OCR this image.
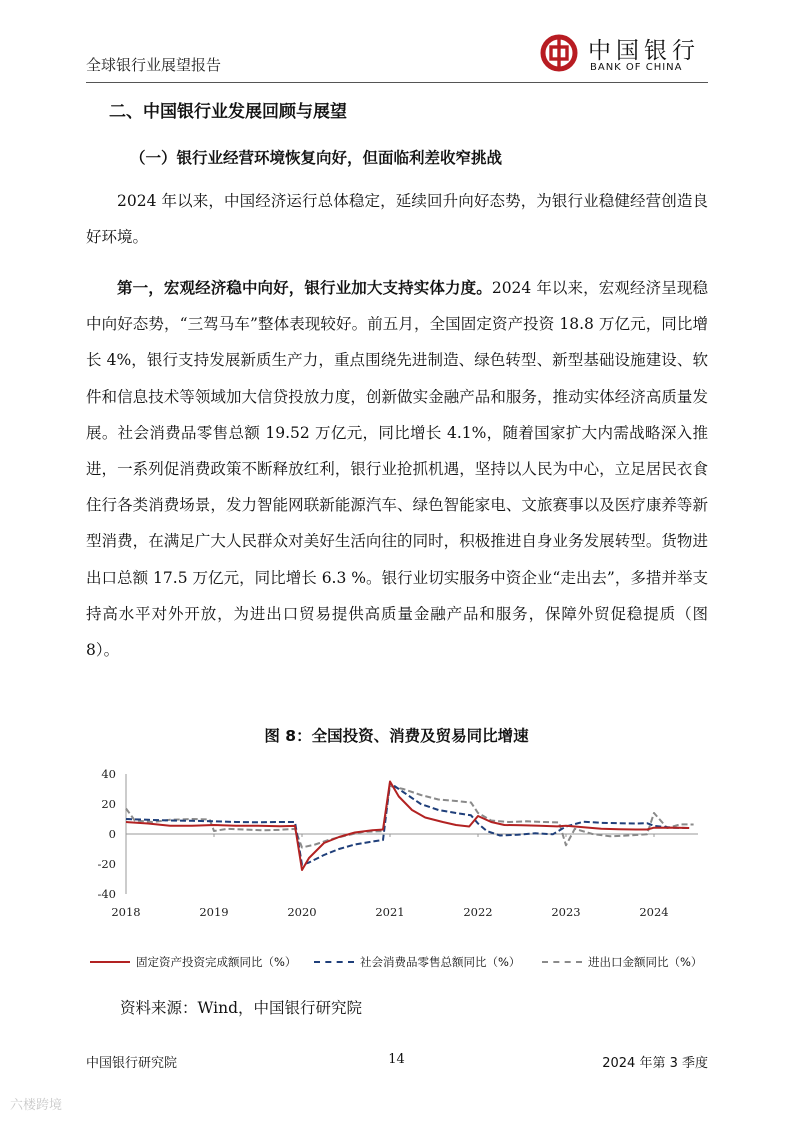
全球银行业展望报告
中国银行
BANK OF CHINA
二、中国银行业发展回顾与展望
（一）银行业经营环境恢复向好，但面临利差收窄挑战

2024 年以来，中国经济运行总体稳定，延续回升向好态势，为银行业稳健经营创造良好环境。

第一，宏观经济稳中向好，银行业加大支持实体力度。2024 年以来，宏观经济呈现稳中向好态势，“三驾马车”整体表现较好。前五月，全国固定资产投资 18.8 万亿元，同比增长 4%，银行支持发展新质生产力，重点围绕先进制造、绿色转型、新型基础设施建设、软件和信息技术等领域加大信贷投放力度，创新做实金融产品和服务，推动实体经济高质量发展。社会消费品零售总额 19.52 万亿元，同比增长 4.1%，随着国家扩大内需战略深入推进，一系列促消费政策不断释放红利，银行业抢抓机遇，坚持以人民为中心，立足居民衣食住行各类消费场景，发力智能网联新能源汽车、绿色智能家电、文旅赛事以及医疗康养等新型消费，在满足广大人民群众对美好生活向往的同时，积极推进自身业务发展转型。货物进出口总额 17.5 万亿元，同比增长 6.3 %。银行业切实服务中资企业“走出去”，多措并举支持高水平对外开放，为进出口贸易提供高质量金融产品和服务，保障外贸促稳提质（图 8）。

图 8：全国投资、消费及贸易同比增速
40
20
0
-20
-40
2018	2019	2020	2021	2022	2023	2024
固定资产投资完成额同比（%）	社会消费品零售总额同比（%）	进出口金额同比（%）
资料来源：Wind，中国银行研究院
中国银行研究院	14	2024 年第 3 季度
六楼跨境
